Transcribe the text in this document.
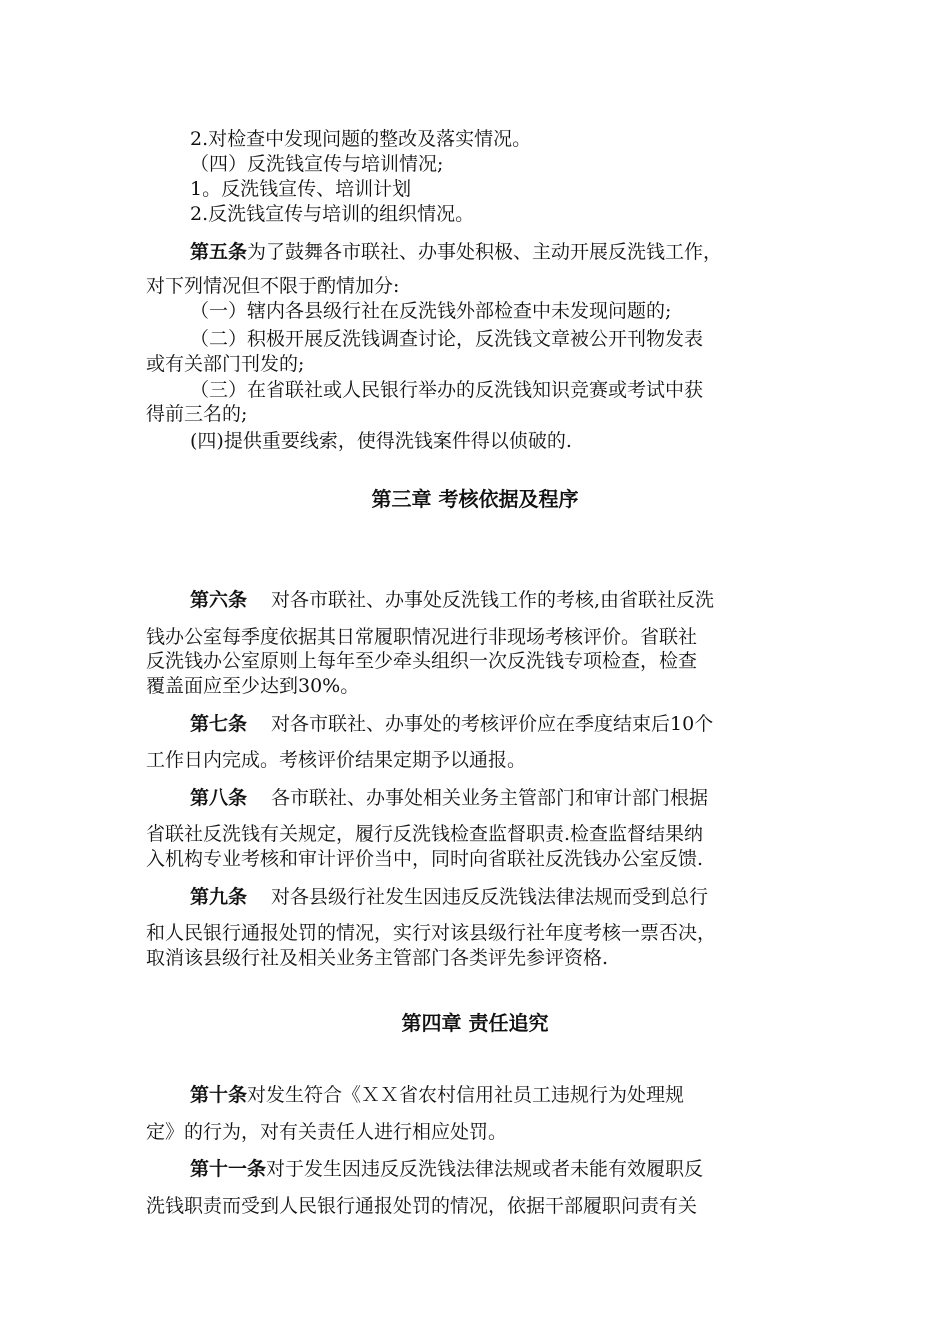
2.对检查中发现问题的整改及落实情况。
（四）反洗钱宣传与培训情况;
1。反洗钱宣传、培训计划
2.反洗钱宣传与培训的组织情况。
第五条为了鼓舞各市联社、办事处积极、主动开展反洗钱工作，
对下列情况但不限于酌情加分:
（一）辖内各县级行社在反洗钱外部检查中未发现问题的;
（二）积极开展反洗钱调查讨论，反洗钱文章被公开刊物发表
或有关部门刊发的;
（三）在省联社或人民银行举办的反洗钱知识竞赛或考试中获
得前三名的;
(四)提供重要线索，使得洗钱案件得以侦破的.
第三章 考核依据及程序
第六条 对各市联社、办事处反洗钱工作的考核,由省联社反洗
钱办公室每季度依据其日常履职情况进行非现场考核评价。省联社
反洗钱办公室原则上每年至少牵头组织一次反洗钱专项检查，检查
覆盖面应至少达到30%。
第七条 对各市联社、办事处的考核评价应在季度结束后10个
工作日内完成。考核评价结果定期予以通报。
第八条 各市联社、办事处相关业务主管部门和审计部门根据
省联社反洗钱有关规定，履行反洗钱检查监督职责.检查监督结果纳
入机构专业考核和审计评价当中，同时向省联社反洗钱办公室反馈.
第九条 对各县级行社发生因违反反洗钱法律法规而受到总行
和人民银行通报处罚的情况，实行对该县级行社年度考核一票否决，
取消该县级行社及相关业务主管部门各类评先参评资格.
第四章 责任追究
第十条对发生符合《ＸＸ省农村信用社员工违规行为处理规
定》的行为，对有关责任人进行相应处罚。
第十一条对于发生因违反反洗钱法律法规或者未能有效履职反
洗钱职责而受到人民银行通报处罚的情况，依据干部履职问责有关
